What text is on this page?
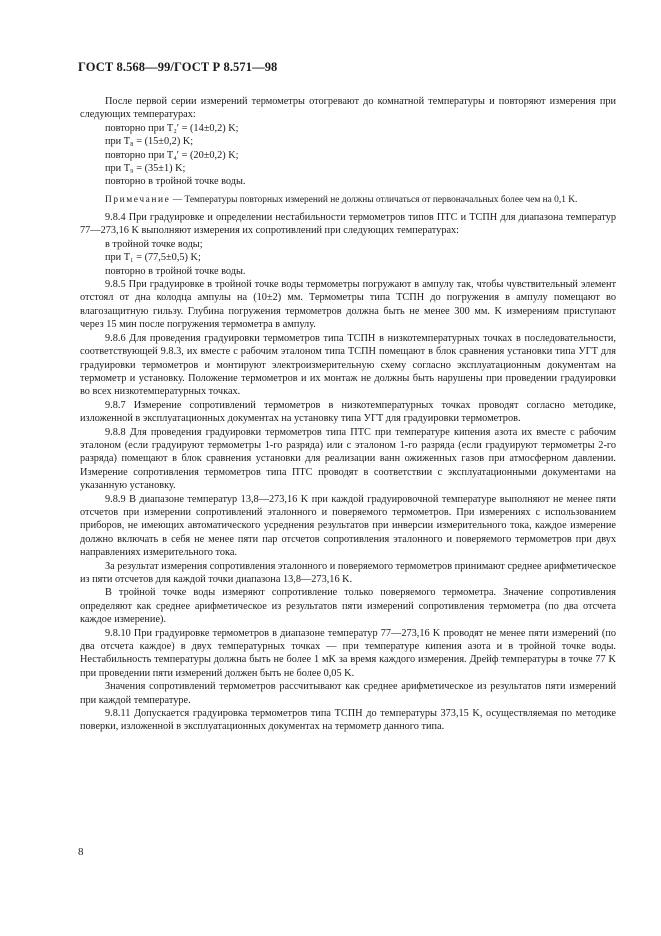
ГОСТ 8.568—99/ГОСТ Р 8.571—98

После первой серии измерений термометры отогревают до комнатной температуры и повторяют измерения при следующих температурах:

повторно при T₂′ = (14±0,2) K;

при T₈ = (15±0,2) K;

повторно при T₄′ = (20±0,2) K;

при T₉ = (35±1) K;

повторно в тройной точке воды.

Примечание — Температуры повторных измерений не должны отличаться от первоначальных более чем на 0,1 K.

9.8.4 При градуировке и определении нестабильности термометров типов ПТС и ТСПН для диапазона температур 77—273,16 K выполняют измерения их сопротивлений при следующих температурах:

в тройной точке воды;

при T₁ = (77,5±0,5) K;

повторно в тройной точке воды.

9.8.5 При градуировке в тройной точке воды термометры погружают в ампулу так, чтобы чувствительный элемент отстоял от дна колодца ампулы на (10±2) мм. Термометры типа ТСПН до погружения в ампулу помещают во влагозащитную гильзу. Глубина погружения термометров должна быть не менее 300 мм. K измерениям приступают через 15 мин после погружения термометра в ампулу.

9.8.6 Для проведения градуировки термометров типа ТСПН в низкотемпературных точках в последовательности, соответствующей 9.8.3, их вместе с рабочим эталоном типа ТСПН помещают в блок сравнения установки типа УГТ для градуировки термометров и монтируют электроизмерительную схему согласно эксплуатационным документам на термометр и установку. Положение термометров и их монтаж не должны быть нарушены при проведении градуировки во всех низкотемпературных точках.

9.8.7 Измерение сопротивлений термометров в низкотемпературных точках проводят согласно методике, изложенной в эксплуатационных документах на установку типа УГТ для градуировки термометров.

9.8.8 Для проведения градуировки термометров типа ПТС при температуре кипения азота их вместе с рабочим эталоном (если градуируют термометры 1-го разряда) или с эталоном 1-го разряда (если градуируют термометры 2-го разряда) помещают в блок сравнения установки для реализации ванн ожиженных газов при атмосферном давлении. Измерение сопротивления термометров типа ПТС проводят в соответствии с эксплуатационными документами на указанную установку.

9.8.9 В диапазоне температур 13,8—273,16 K при каждой градуировочной температуре выполняют не менее пяти отсчетов при измерении сопротивлений эталонного и поверяемого термометров. При измерениях с использованием приборов, не имеющих автоматического усреднения результатов при инверсии измерительного тока, каждое измерение должно включать в себя не менее пяти пар отсчетов сопротивления эталонного и поверяемого термометров при двух направлениях измерительного тока.

За результат измерения сопротивления эталонного и поверяемого термометров принимают среднее арифметическое из пяти отсчетов для каждой точки диапазона 13,8—273,16 K.

В тройной точке воды измеряют сопротивление только поверяемого термометра. Значение сопротивления определяют как среднее арифметическое из результатов пяти измерений сопротивления термометра (по два отсчета каждое измерение).

9.8.10 При градуировке термометров в диапазоне температур 77—273,16 K проводят не менее пяти измерений (по два отсчета каждое) в двух температурных точках — при температуре кипения азота и в тройной точке воды. Нестабильность температуры должна быть не более 1 мK за время каждого измерения. Дрейф температуры в точке 77 K при проведении пяти измерений должен быть не более 0,05 K.

Значения сопротивлений термометров рассчитывают как среднее арифметическое из результатов пяти измерений при каждой температуре.

9.8.11 Допускается градуировка термометров типа ТСПН до температуры 373,15 K, осуществляемая по методике поверки, изложенной в эксплуатационных документах на термометр данного типа.

8
